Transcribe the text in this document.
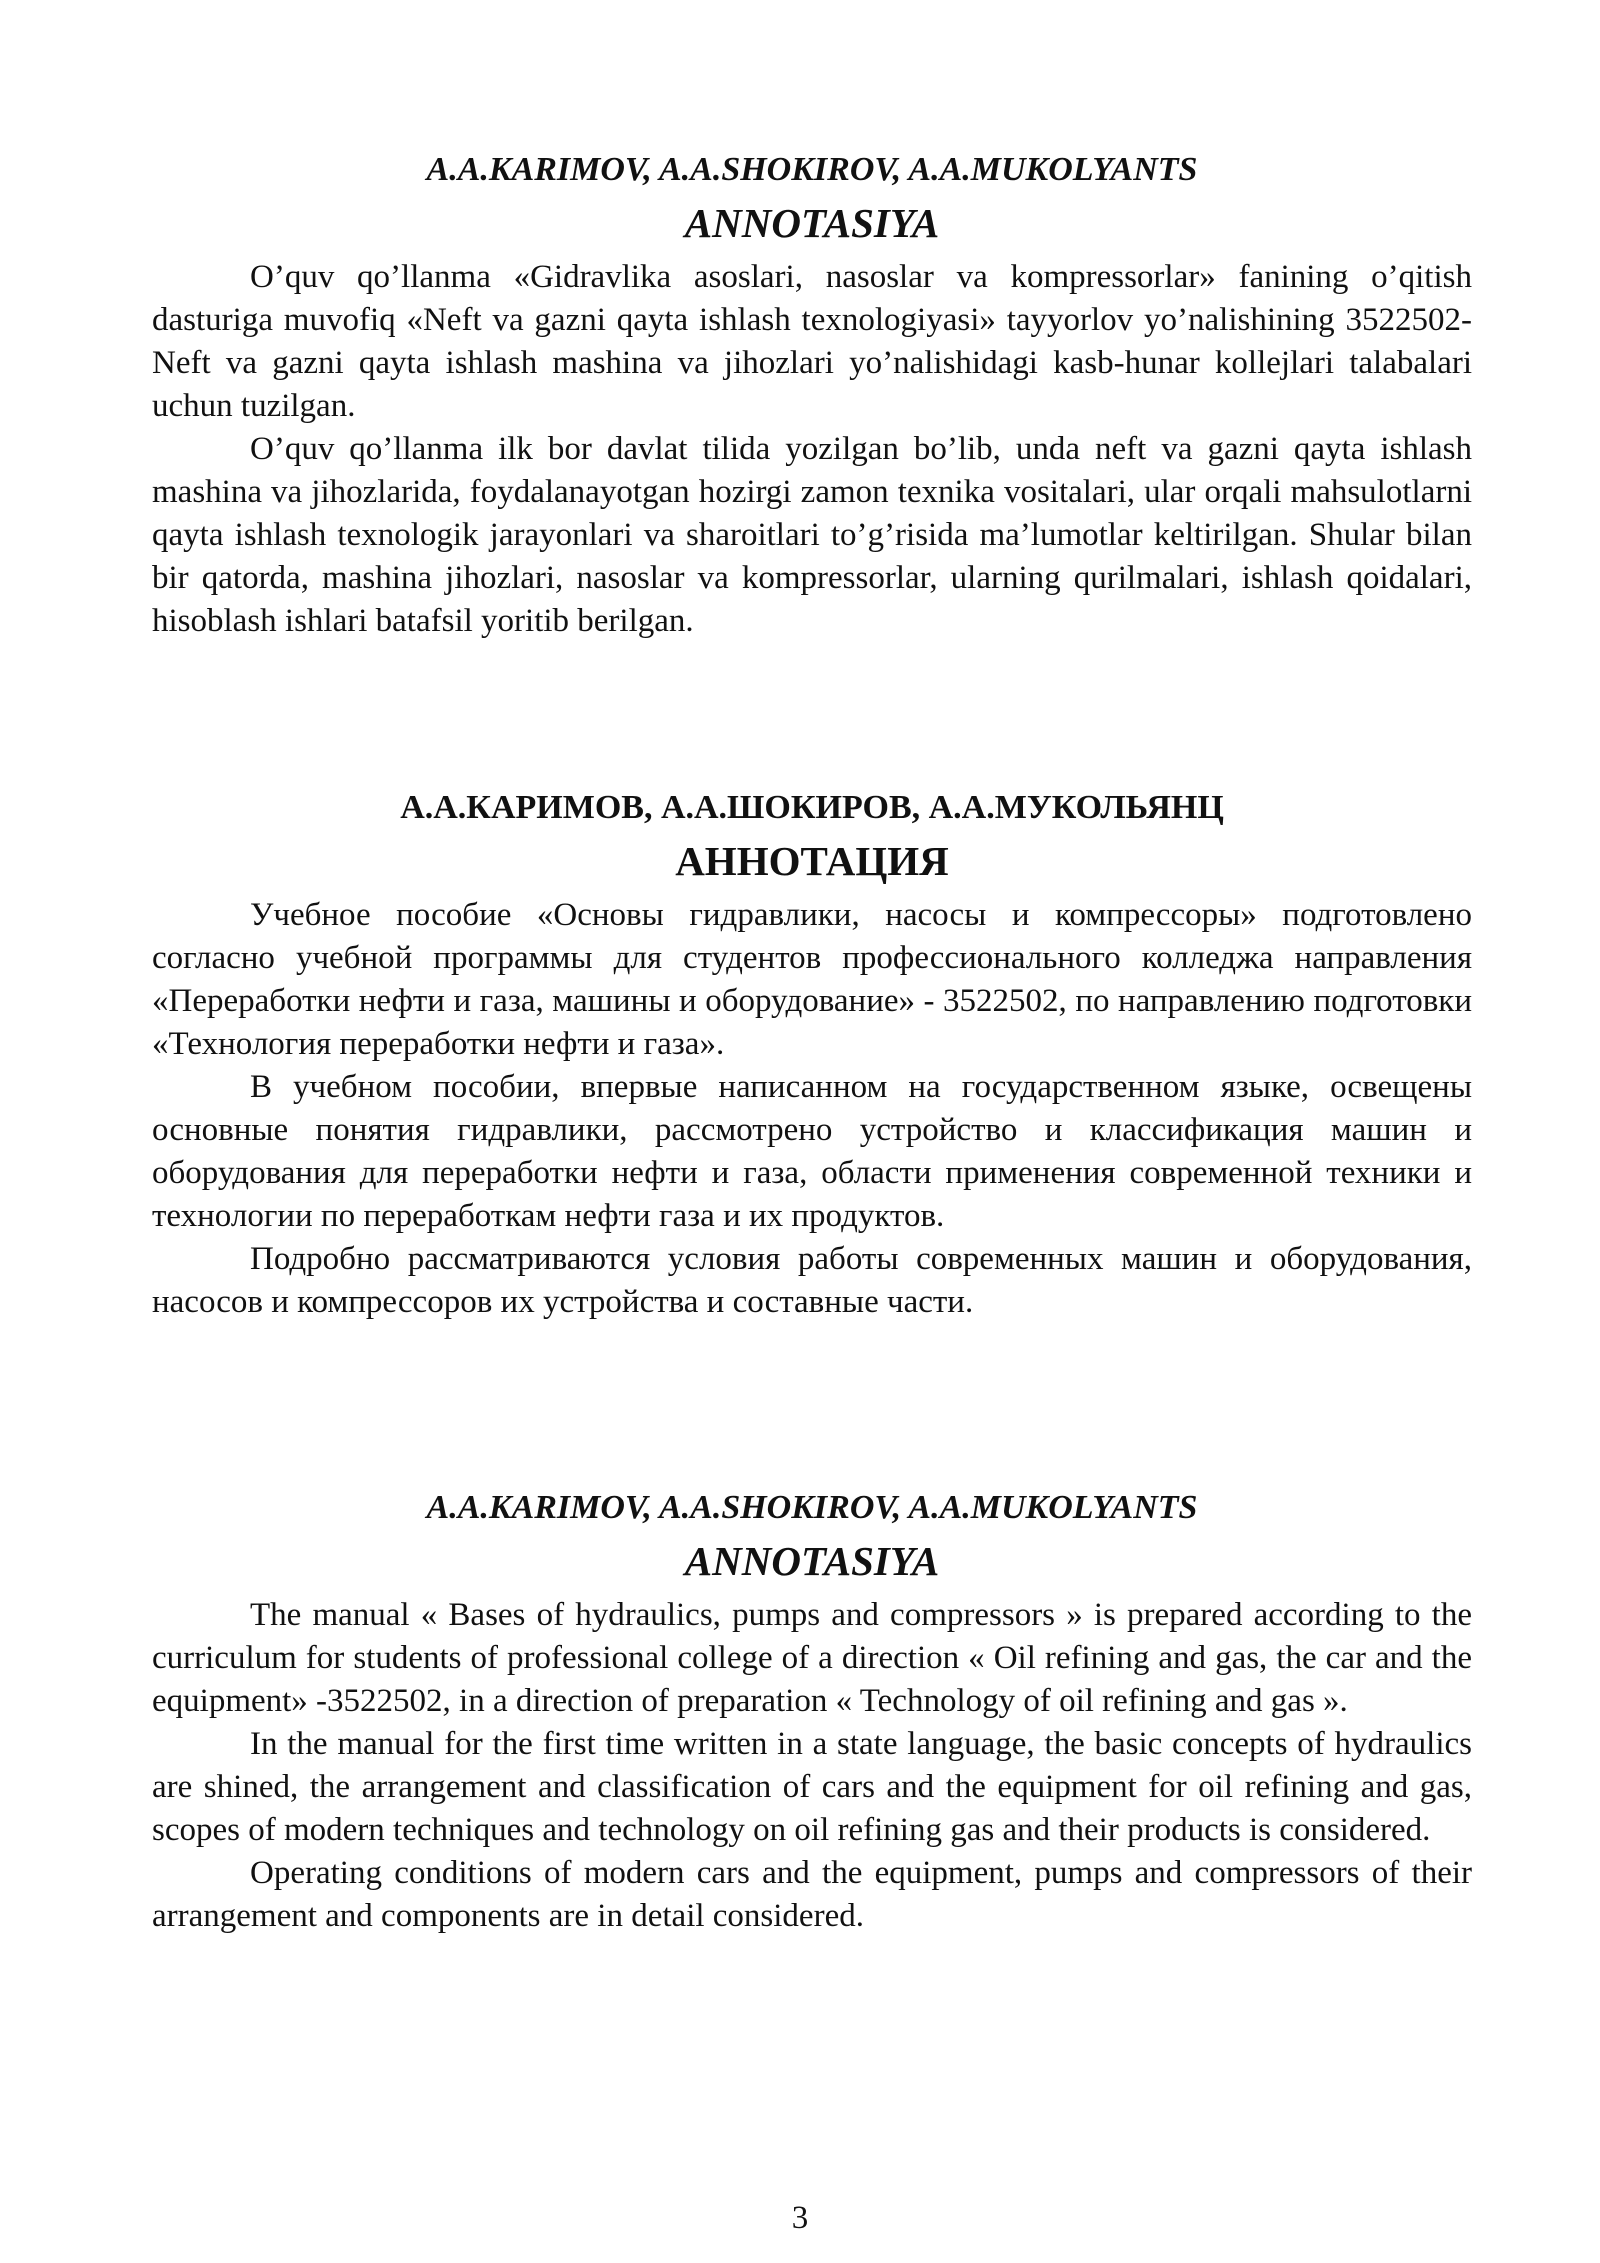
A.A.KARIMOV, A.A.SHOKIROV, A.A.MUKOLYANTS

ANNOTASIYA

O’quv qo’llanma «Gidravlika asoslari, nasoslar va kompressorlar» fanining o’qitish dasturiga muvofiq «Neft va gazni qayta ishlash texnologiyasi» tayyorlov yo’nalishining 3522502-Neft va gazni qayta ishlash mashina va jihozlari yo’nalishidagi kasb-hunar kollejlari talabalari uchun tuzilgan.

O’quv qo’llanma ilk bor davlat tilida yozilgan bo’lib, unda neft va gazni qayta ishlash mashina va jihozlarida, foydalanayotgan hozirgi zamon texnika vositalari, ular orqali mahsulotlarni qayta ishlash texnologik jarayonlari va sharoitlari to’g’risida ma’lumotlar keltirilgan. Shular bilan bir qatorda, mashina jihozlari, nasoslar va kompressorlar, ularning qurilmalari, ishlash qoidalari, hisoblash ishlari batafsil yoritib berilgan.

А.А.КАРИМОВ, А.А.ШОКИРОВ, А.А.МУКОЛЬЯНЦ

АННОТАЦИЯ

Учебное пособие «Основы гидравлики, насосы и компрессоры» подготовлено согласно учебной программы для студентов профессионального колледжа направления «Переработки нефти и газа, машины и оборудование» - 3522502, по направлению подготовки «Технология переработки нефти и газа».

В учебном пособии, впервые написанном на государственном языке, освещены основные понятия гидравлики, рассмотрено устройство и классификация машин и оборудования для переработки нефти и газа, области применения современной техники и технологии по переработкам нефти газа и их продуктов.

Подробно рассматриваются условия работы современных машин и оборудования, насосов и компрессоров их устройства и составные части.

A.A.KARIMOV, A.A.SHOKIROV, A.A.MUKOLYANTS

ANNOTASIYA

The manual « Bases of hydraulics, pumps and compressors » is prepared according to the curriculum for students of professional college of a direction « Oil refining and gas, the car and the equipment» -3522502, in a direction of preparation « Technology of oil refining and gas ».

In the manual for the first time written in a state language, the basic concepts of hydraulics are shined, the arrangement and classification of cars and the equipment for oil refining and gas, scopes of modern techniques and technology on oil refining gas and their products is considered.

Operating conditions of modern cars and the equipment, pumps and compressors of their arrangement and components are in detail considered.

3
